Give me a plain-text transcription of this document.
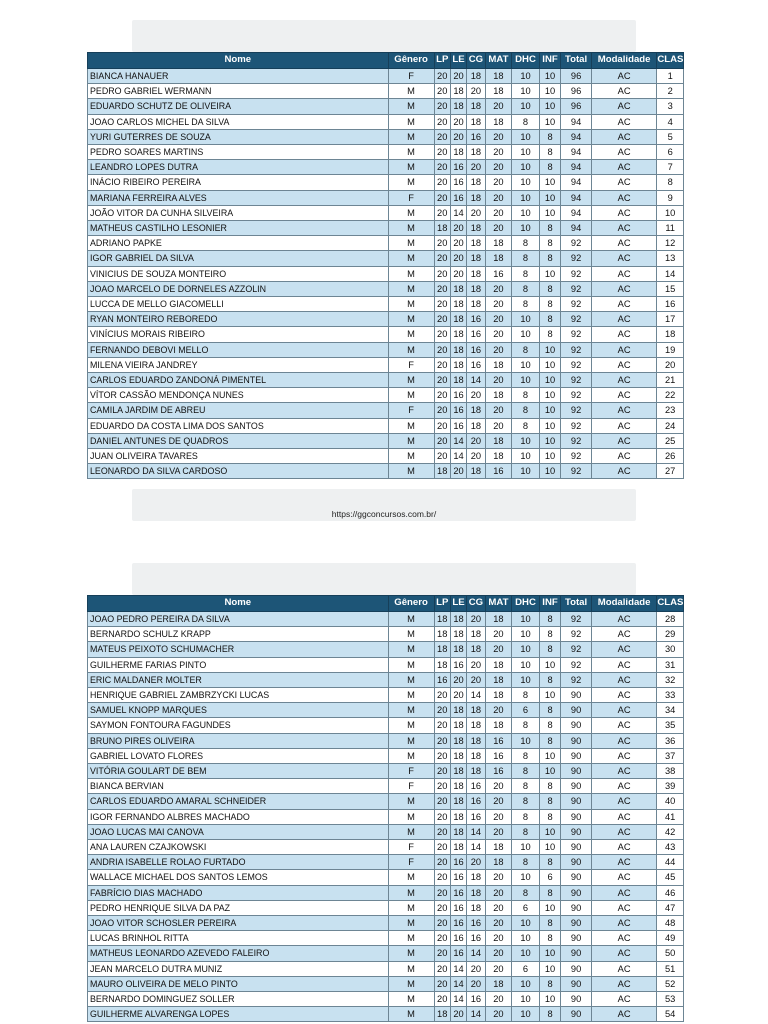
Nome	Gênero	LP	LE	CG	MAT	DHC	INF	Total	Modalidade	CLAS
BIANCA HANAUER	F	20	20	18	18	10	10	96	AC	1
PEDRO GABRIEL WERMANN	M	20	18	20	18	10	10	96	AC	2
EDUARDO SCHUTZ DE OLIVEIRA	M	20	18	18	20	10	10	96	AC	3
JOAO CARLOS MICHEL DA SILVA	M	20	20	18	18	8	10	94	AC	4
YURI GUTERRES DE SOUZA	M	20	20	16	20	10	8	94	AC	5
PEDRO SOARES MARTINS	M	20	18	18	20	10	8	94	AC	6
LEANDRO LOPES DUTRA	M	20	16	20	20	10	8	94	AC	7
INÁCIO RIBEIRO PEREIRA	M	20	16	18	20	10	10	94	AC	8
MARIANA FERREIRA ALVES	F	20	16	18	20	10	10	94	AC	9
JOÃO VITOR DA CUNHA SILVEIRA	M	20	14	20	20	10	10	94	AC	10
MATHEUS CASTILHO LESONIER	M	18	20	18	20	10	8	94	AC	11
ADRIANO PAPKE	M	20	20	18	18	8	8	92	AC	12
IGOR GABRIEL DA SILVA	M	20	20	18	18	8	8	92	AC	13
VINICIUS DE SOUZA MONTEIRO	M	20	20	18	16	8	10	92	AC	14
JOAO MARCELO DE DORNELES AZZOLIN	M	20	18	18	20	8	8	92	AC	15
LUCCA DE MELLO GIACOMELLI	M	20	18	18	20	8	8	92	AC	16
RYAN MONTEIRO REBOREDO	M	20	18	16	20	10	8	92	AC	17
VINÍCIUS MORAIS RIBEIRO	M	20	18	16	20	10	8	92	AC	18
FERNANDO DEBOVI MELLO	M	20	18	16	20	8	10	92	AC	19
MILENA VIEIRA JANDREY	F	20	18	16	18	10	10	92	AC	20
CARLOS EDUARDO ZANDONÁ PIMENTEL	M	20	18	14	20	10	10	92	AC	21
VÍTOR CASSÃO MENDONÇA NUNES	M	20	16	20	18	8	10	92	AC	22
CAMILA JARDIM DE ABREU	F	20	16	18	20	8	10	92	AC	23
EDUARDO DA COSTA LIMA DOS SANTOS	M	20	16	18	20	8	10	92	AC	24
DANIEL ANTUNES DE QUADROS	M	20	14	20	18	10	10	92	AC	25
JUAN OLIVEIRA TAVARES	M	20	14	20	18	10	10	92	AC	26
LEONARDO DA SILVA CARDOSO	M	18	20	18	16	10	10	92	AC	27
https://ggconcursos.com.br/
Nome	Gênero	LP	LE	CG	MAT	DHC	INF	Total	Modalidade	CLAS
JOAO PEDRO PEREIRA DA SILVA	M	18	18	20	18	10	8	92	AC	28
BERNARDO SCHULZ KRAPP	M	18	18	18	20	10	8	92	AC	29
MATEUS PEIXOTO SCHUMACHER	M	18	18	18	20	10	8	92	AC	30
GUILHERME FARIAS PINTO	M	18	16	20	18	10	10	92	AC	31
ERIC MALDANER MOLTER	M	16	20	20	18	10	8	92	AC	32
HENRIQUE GABRIEL ZAMBRZYCKI LUCAS	M	20	20	14	18	8	10	90	AC	33
SAMUEL KNOPP MARQUES	M	20	18	18	20	6	8	90	AC	34
SAYMON FONTOURA FAGUNDES	M	20	18	18	18	8	8	90	AC	35
BRUNO PIRES OLIVEIRA	M	20	18	18	16	10	8	90	AC	36
GABRIEL LOVATO FLORES	M	20	18	18	16	8	10	90	AC	37
VITÓRIA GOULART DE BEM	F	20	18	18	16	8	10	90	AC	38
BIANCA BERVIAN	F	20	18	16	20	8	8	90	AC	39
CARLOS EDUARDO AMARAL SCHNEIDER	M	20	18	16	20	8	8	90	AC	40
IGOR FERNANDO ALBRES MACHADO	M	20	18	16	20	8	8	90	AC	41
JOAO LUCAS MAI CANOVA	M	20	18	14	20	8	10	90	AC	42
ANA LAUREN CZAJKOWSKI	F	20	18	14	18	10	10	90	AC	43
ANDRIA ISABELLE ROLAO FURTADO	F	20	16	20	18	8	8	90	AC	44
WALLACE MICHAEL DOS SANTOS LEMOS	M	20	16	18	20	10	6	90	AC	45
FABRÍCIO DIAS MACHADO	M	20	16	18	20	8	8	90	AC	46
PEDRO HENRIQUE SILVA DA PAZ	M	20	16	18	20	6	10	90	AC	47
JOAO VITOR SCHOSLER PEREIRA	M	20	16	16	20	10	8	90	AC	48
LUCAS BRINHOL RITTA	M	20	16	16	20	10	8	90	AC	49
MATHEUS LEONARDO AZEVEDO FALEIRO	M	20	16	14	20	10	10	90	AC	50
JEAN MARCELO DUTRA MUNIZ	M	20	14	20	20	6	10	90	AC	51
MAURO OLIVEIRA DE MELO PINTO	M	20	14	20	18	10	8	90	AC	52
BERNARDO DOMINGUEZ SOLLER	M	20	14	16	20	10	10	90	AC	53
GUILHERME ALVARENGA LOPES	M	18	20	14	20	10	8	90	AC	54
